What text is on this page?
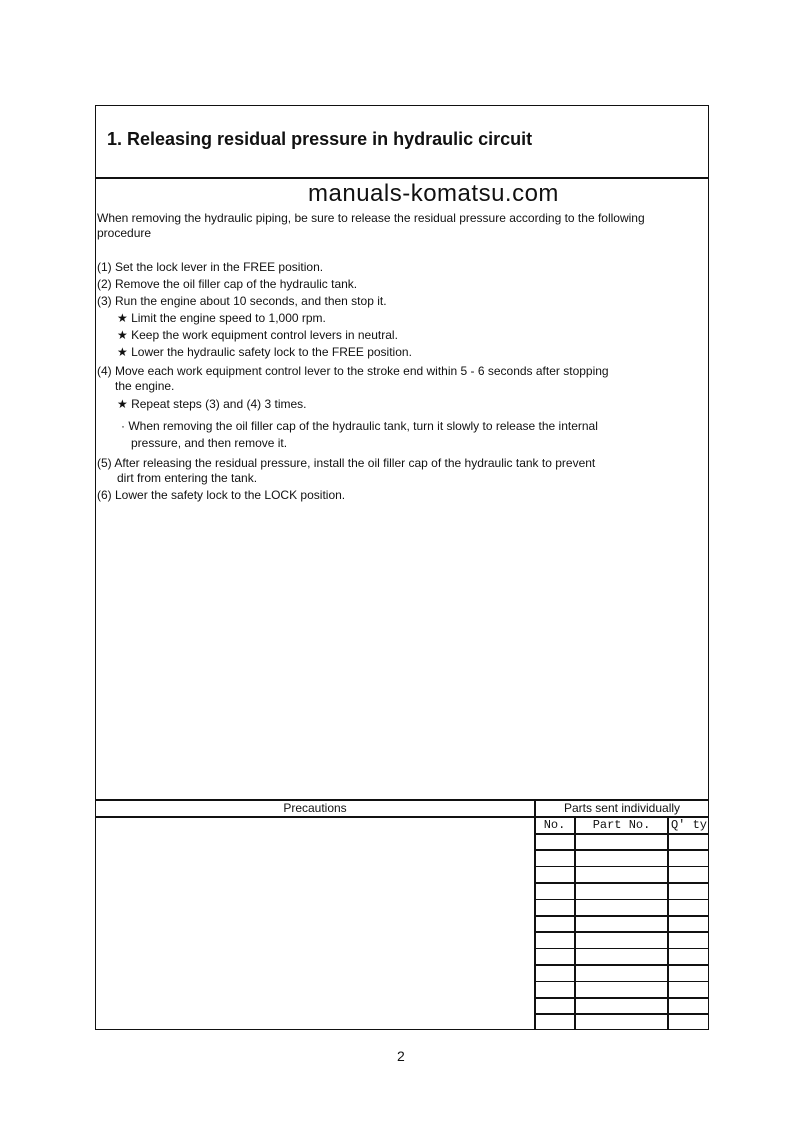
1. Releasing residual pressure in hydraulic circuit
manuals-komatsu.com
When removing the hydraulic piping, be sure to release the residual pressure according to the following
procedure
(1) Set the lock lever in the FREE position.
(2) Remove the oil filler cap of the hydraulic tank.
(3) Run the engine about 10 seconds, and then stop it.
★ Limit the engine speed to 1,000 rpm.
★ Keep the work equipment control levers in neutral.
★ Lower the hydraulic safety lock to the FREE position.
(4) Move each work equipment control lever to the stroke end within 5 - 6 seconds after stopping
the engine.
★ Repeat steps (3) and (4) 3 times.
· When removing the oil filler cap of the hydraulic tank, turn it slowly to release the internal
pressure, and then remove it.
(5) After releasing the residual pressure, install the oil filler cap of the hydraulic tank to prevent
dirt from entering the tank.
(6) Lower the safety lock to the LOCK position.
Precautions	Parts sent individually
No.	Part No.	Q' ty
2
